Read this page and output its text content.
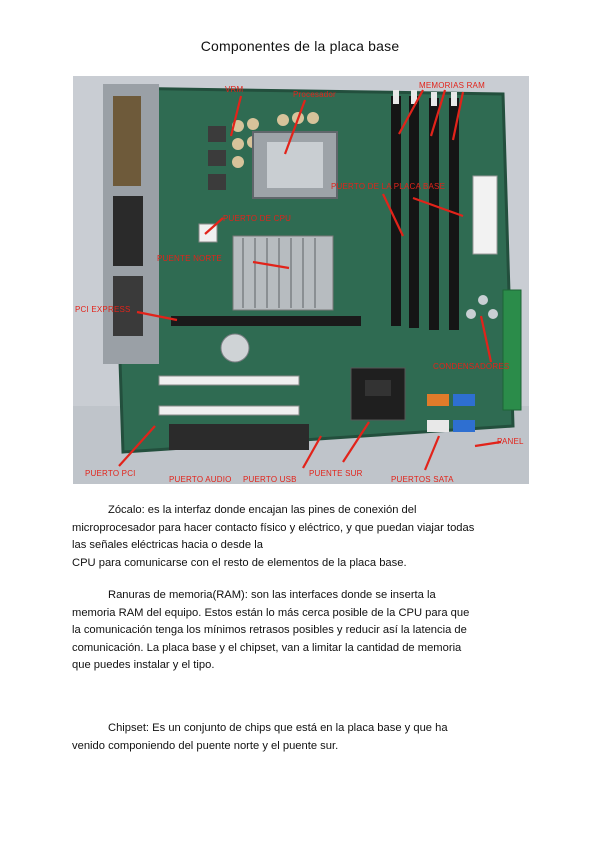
Componentes de la placa base
VRM
Procesador
MEMORIAS RAM
PUERTO DE LA PLACA BASE
PUERTO DE CPU
PUENTE NORTE
PCI EXPRESS
CONDENSADORES
PANEL
PUERTO PCI
PUERTO AUDIO PUERTO USB
PUENTE SUR
PUERTOS SATA

Zócalo: es la interfaz donde encajan las pines de conexión del

microprocesador para hacer contacto físico y eléctrico, y que puedan viajar todas

las señales eléctricas hacia o desde la

CPU para comunicarse con el resto de elementos de la placa base.

Ranuras de memoria(RAM): son las interfaces donde se inserta la

memoria RAM del equipo. Estos están lo más cerca posible de la CPU para que

la comunicación tenga los mínimos retrasos posibles y reducir así la latencia de

comunicación. La placa base y el chipset, van a limitar la cantidad de memoria

que puedes instalar y el tipo.

Chipset: Es un conjunto de chips que está en la placa base y que ha

venido componiendo del puente norte y el puente sur.
